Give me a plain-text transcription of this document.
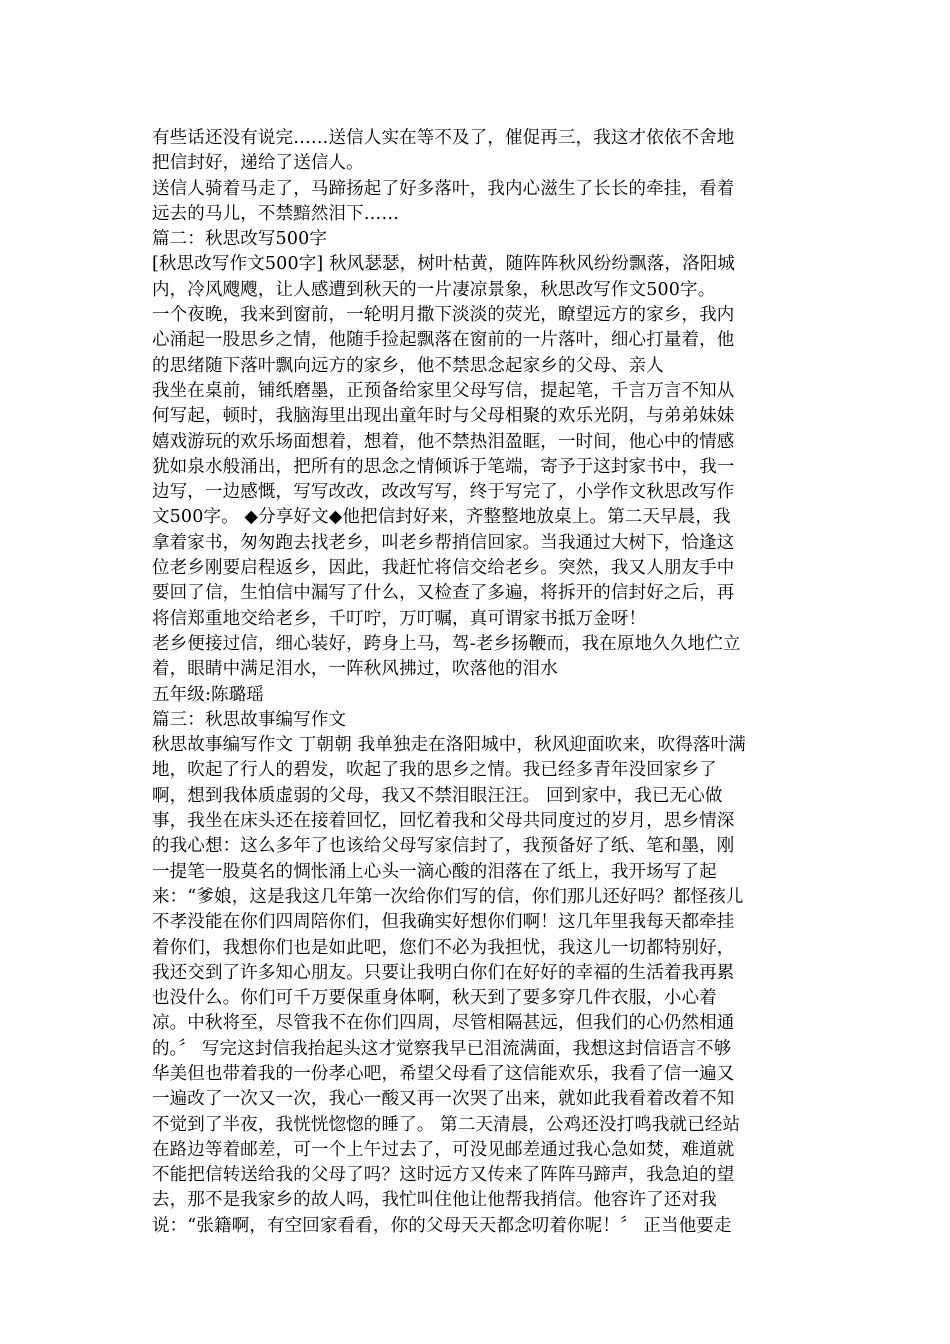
有些话还没有说完……送信人实在等不及了，催促再三，我这才依依不舍地
把信封好，递给了送信人。
送信人骑着马走了，马蹄扬起了好多落叶，我内心滋生了长长的牵挂，看着
远去的马儿，不禁黯然泪下……
篇二：秋思改写500字
[秋思改写作文500字] 秋风瑟瑟，树叶枯黄，随阵阵秋风纷纷飘落，洛阳城
内，冷风飕飕，让人感遭到秋天的一片凄凉景象，秋思改写作文500字。
一个夜晚，我来到窗前，一轮明月撒下淡淡的荧光，瞭望远方的家乡，我内
心涌起一股思乡之情，他随手捡起飘落在窗前的一片落叶，细心打量着，他
的思绪随下落叶飘向远方的家乡，他不禁思念起家乡的父母、亲人
我坐在桌前，铺纸磨墨，正预备给家里父母写信，提起笔，千言万言不知从
何写起，顿时，我脑海里出现出童年时与父母相聚的欢乐光阴，与弟弟妹妹
嬉戏游玩的欢乐场面想着，想着，他不禁热泪盈眶，一时间，他心中的情感
犹如泉水般涌出，把所有的思念之情倾诉于笔端，寄予于这封家书中，我一
边写，一边感慨，写写改改，改改写写，终于写完了，小学作文秋思改写作
文500字。 ◆分享好文◆他把信封好来，齐整整地放桌上。第二天早晨，我
拿着家书，匆匆跑去找老乡，叫老乡帮捎信回家。当我通过大树下，恰逢这
位老乡刚要启程返乡，因此，我赶忙将信交给老乡。突然，我又人朋友手中
要回了信，生怕信中漏写了什么，又检查了多遍，将拆开的信封好之后，再
将信郑重地交给老乡，千叮咛，万叮嘱，真可谓家书抵万金呀！
老乡便接过信，细心装好，跨身上马，驾-老乡扬鞭而，我在原地久久地伫立
着，眼睛中满足泪水，一阵秋风拂过，吹落他的泪水
五年级:陈璐瑶
篇三：秋思故事编写作文
秋思故事编写作文 丁朝朝 我单独走在洛阳城中，秋风迎面吹来，吹得落叶满
地，吹起了行人的碧发，吹起了我的思乡之情。我已经多青年没回家乡了
啊，想到我体质虚弱的父母，我又不禁泪眼汪汪。 回到家中，我已无心做
事，我坐在床头还在接着回忆，回忆着我和父母共同度过的岁月，思乡情深
的我心想：这么多年了也该给父母写家信封了，我预备好了纸、笔和墨，刚
一提笔一股莫名的惆怅涌上心头一滴心酸的泪落在了纸上，我开场写了起
来：“爹娘，这是我这几年第一次给你们写的信，你们那儿还好吗？都怪孩儿
不孝没能在你们四周陪你们，但我确实好想你们啊！这几年里我每天都牵挂
着你们，我想你们也是如此吧，您们不必为我担忧，我这儿一切都特别好，
我还交到了许多知心朋友。只要让我明白你们在好好的幸福的生活着我再累
也没什么。你们可千万要保重身体啊，秋天到了要多穿几件衣服，小心着
凉。中秋将至，尽管我不在你们四周，尽管相隔甚远，但我们的心仍然相通
的。〞 写完这封信我抬起头这才觉察我早已泪流满面，我想这封信语言不够
华美但也带着我的一份孝心吧，希望父母看了这信能欢乐，我看了信一遍又
一遍改了一次又一次，我心一酸又再一次哭了出来，就如此我看着改着不知
不觉到了半夜，我恍恍惚惚的睡了。 第二天清晨，公鸡还没打鸣我就已经站
在路边等着邮差，可一个上午过去了，可没见邮差通过我心急如焚，难道就
不能把信转送给我的父母了吗？这时远方又传来了阵阵马蹄声，我急迫的望
去，那不是我家乡的故人吗，我忙叫住他让他帮我捎信。他容许了还对我
说：“张籍啊，有空回家看看，你的父母天天都念叨着你呢！〞 正当他要走
